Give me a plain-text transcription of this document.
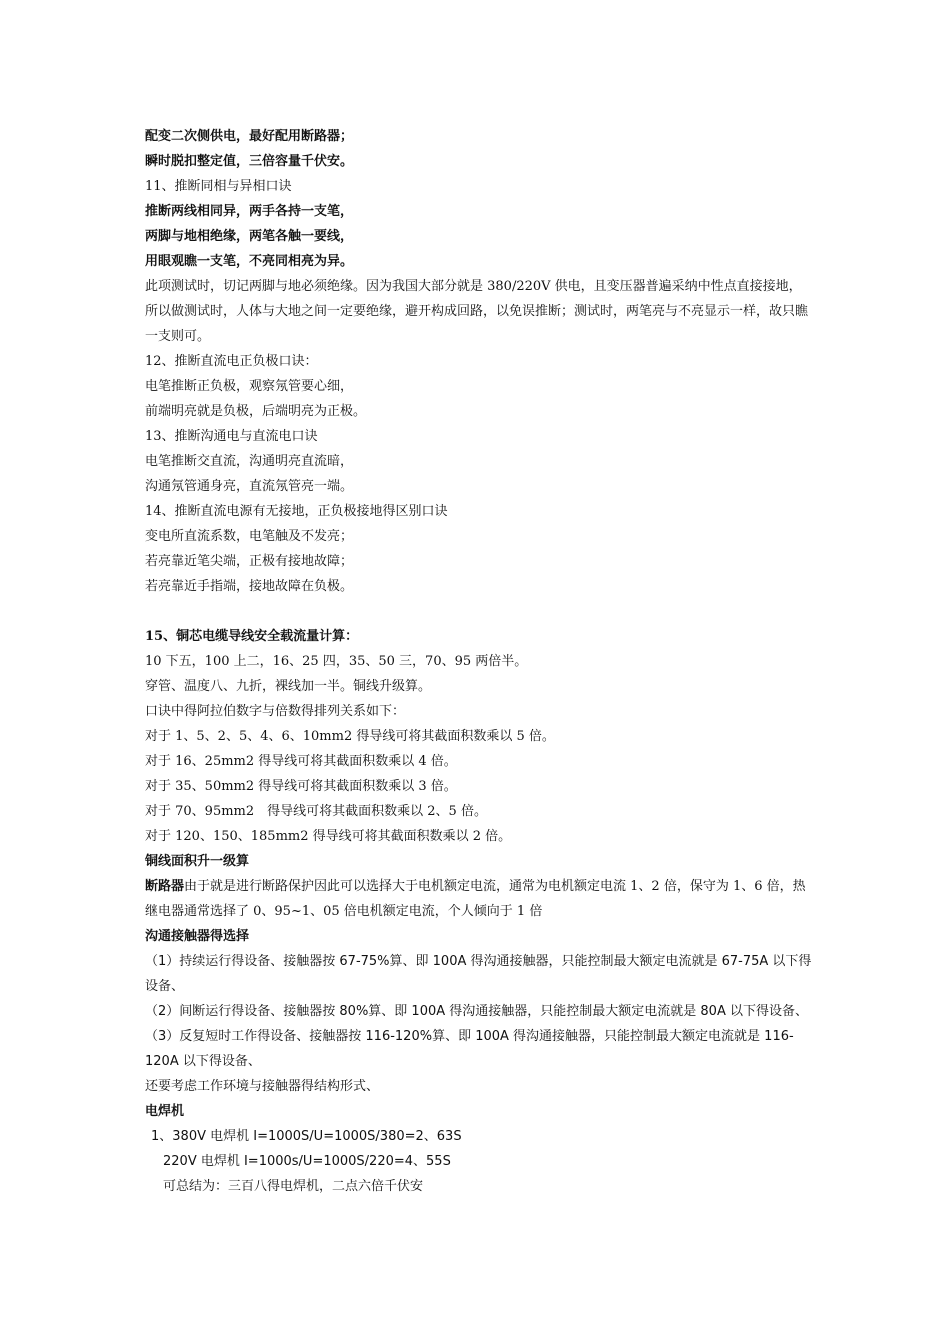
配变二次侧供电，最好配用断路器；
瞬时脱扣整定值，三倍容量千伏安。
11、推断同相与异相口诀
推断两线相同异，两手各持一支笔，
两脚与地相绝缘，两笔各触一要线，
用眼观瞧一支笔，不亮同相亮为异。
此项测试时，切记两脚与地必须绝缘。因为我国大部分就是 380/220V 供电，且变压器普遍采纳中性点直接接地，所以做测试时，人体与大地之间一定要绝缘，避开构成回路，以免误推断；测试时，两笔亮与不亮显示一样，故只瞧一支则可。
12、推断直流电正负极口诀：
电笔推断正负极，观察氖管要心细，
前端明亮就是负极，后端明亮为正极。
13、推断沟通电与直流电口诀
电笔推断交直流，沟通明亮直流暗，
沟通氖管通身亮，直流氖管亮一端。
14、推断直流电源有无接地，正负极接地得区别口诀
变电所直流系数，电笔触及不发亮；
若亮靠近笔尖端，正极有接地故障；
若亮靠近手指端，接地故障在负极。
15、铜芯电缆导线安全载流量计算：
10 下五，100 上二，16、25 四，35、50 三，70、95 两倍半。
穿管、温度八、九折，裸线加一半。铜线升级算。
口诀中得阿拉伯数字与倍数得排列关系如下：
对于 1、5、2、5、4、6、10mm2 得导线可将其截面积数乘以 5 倍。
对于 16、25mm2 得导线可将其截面积数乘以 4 倍。
对于 35、50mm2 得导线可将其截面积数乘以 3 倍。
对于 70、95mm2　得导线可将其截面积数乘以 2、5 倍。
对于 120、150、185mm2 得导线可将其截面积数乘以 2 倍。
铜线面积升一级算
断路器由于就是进行断路保护因此可以选择大于电机额定电流，通常为电机额定电流 1、2 倍，保守为 1、6 倍，热继电器通常选择了 0、95~1、05 倍电机额定电流，个人倾向于 1 倍
沟通接触器得选择
（1）持续运行得设备、接触器按 67-75%算、即 100A 得沟通接触器，只能控制最大额定电流就是 67-75A 以下得设备、
（2）间断运行得设备、接触器按 80%算、即 100A 得沟通接触器，只能控制最大额定电流就是 80A 以下得设备、
（3）反复短时工作得设备、接触器按 116-120%算、即 100A 得沟通接触器，只能控制最大额定电流就是 116-120A 以下得设备、
还要考虑工作环境与接触器得结构形式、
电焊机
1、380V 电焊机 I=1000S/U=1000S/380=2、63S
220V 电焊机 I=1000s/U=1000S/220=4、55S
可总结为：三百八得电焊机，二点六倍千伏安
